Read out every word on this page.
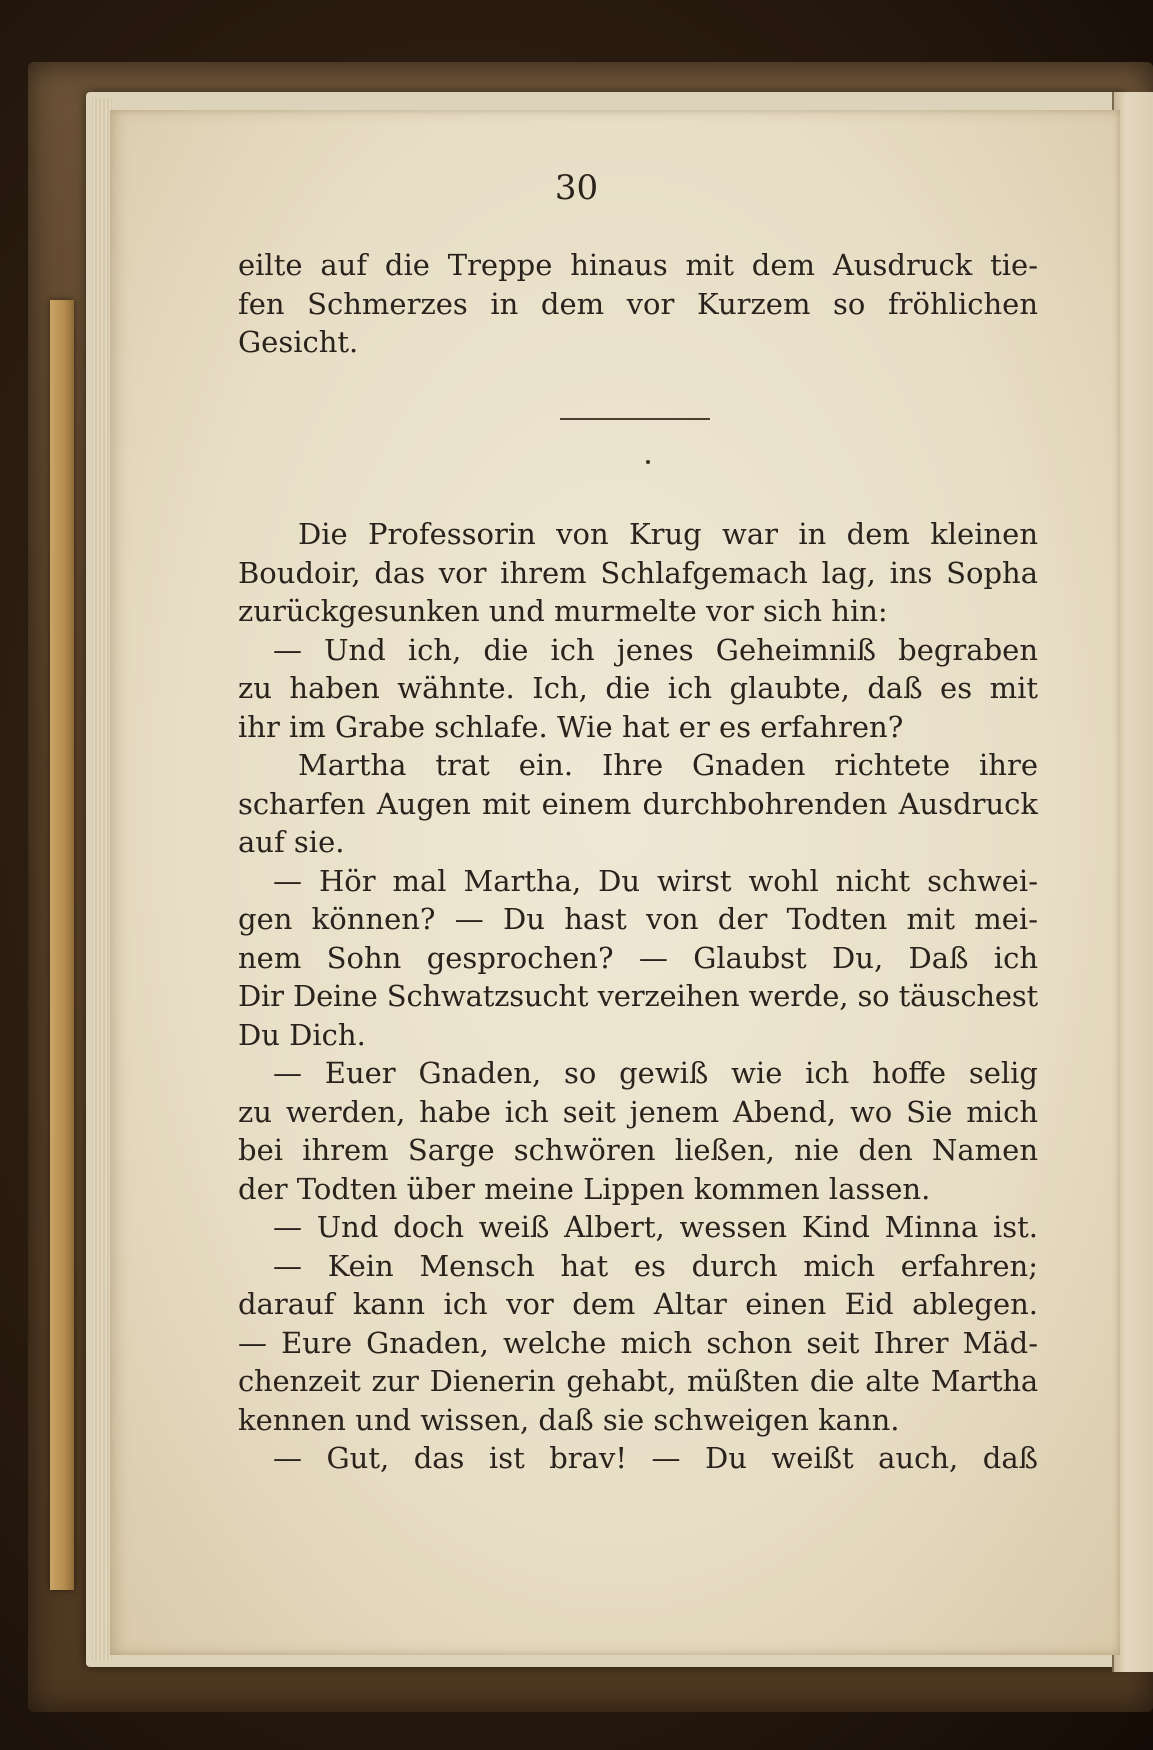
30
eilte auf die Treppe hinaus mit dem Ausdruck tie-
fen Schmerzes in dem vor Kurzem so fröhlichen
Gesicht.
Die Professorin von Krug war in dem kleinen
Boudoir, das vor ihrem Schlafgemach lag, ins Sopha
zurückgesunken und murmelte vor sich hin:
— Und ich, die ich jenes Geheimniß begraben
zu haben wähnte. Ich, die ich glaubte, daß es mit
ihr im Grabe schlafe. Wie hat er es erfahren?
Martha trat ein. Ihre Gnaden richtete ihre
scharfen Augen mit einem durchbohrenden Ausdruck
auf sie.
— Hör mal Martha, Du wirst wohl nicht schwei-
gen können? — Du hast von der Todten mit mei-
nem Sohn gesprochen? — Glaubst Du, Daß ich
Dir Deine Schwatzsucht verzeihen werde, so täuschest
Du Dich.
— Euer Gnaden, so gewiß wie ich hoffe selig
zu werden, habe ich seit jenem Abend, wo Sie mich
bei ihrem Sarge schwören ließen, nie den Namen
der Todten über meine Lippen kommen lassen.
— Und doch weiß Albert, wessen Kind Minna ist.
— Kein Mensch hat es durch mich erfahren;
darauf kann ich vor dem Altar einen Eid ablegen.
— Eure Gnaden, welche mich schon seit Ihrer Mäd-
chenzeit zur Dienerin gehabt, müßten die alte Martha
kennen und wissen, daß sie schweigen kann.
— Gut, das ist brav! — Du weißt auch, daß
